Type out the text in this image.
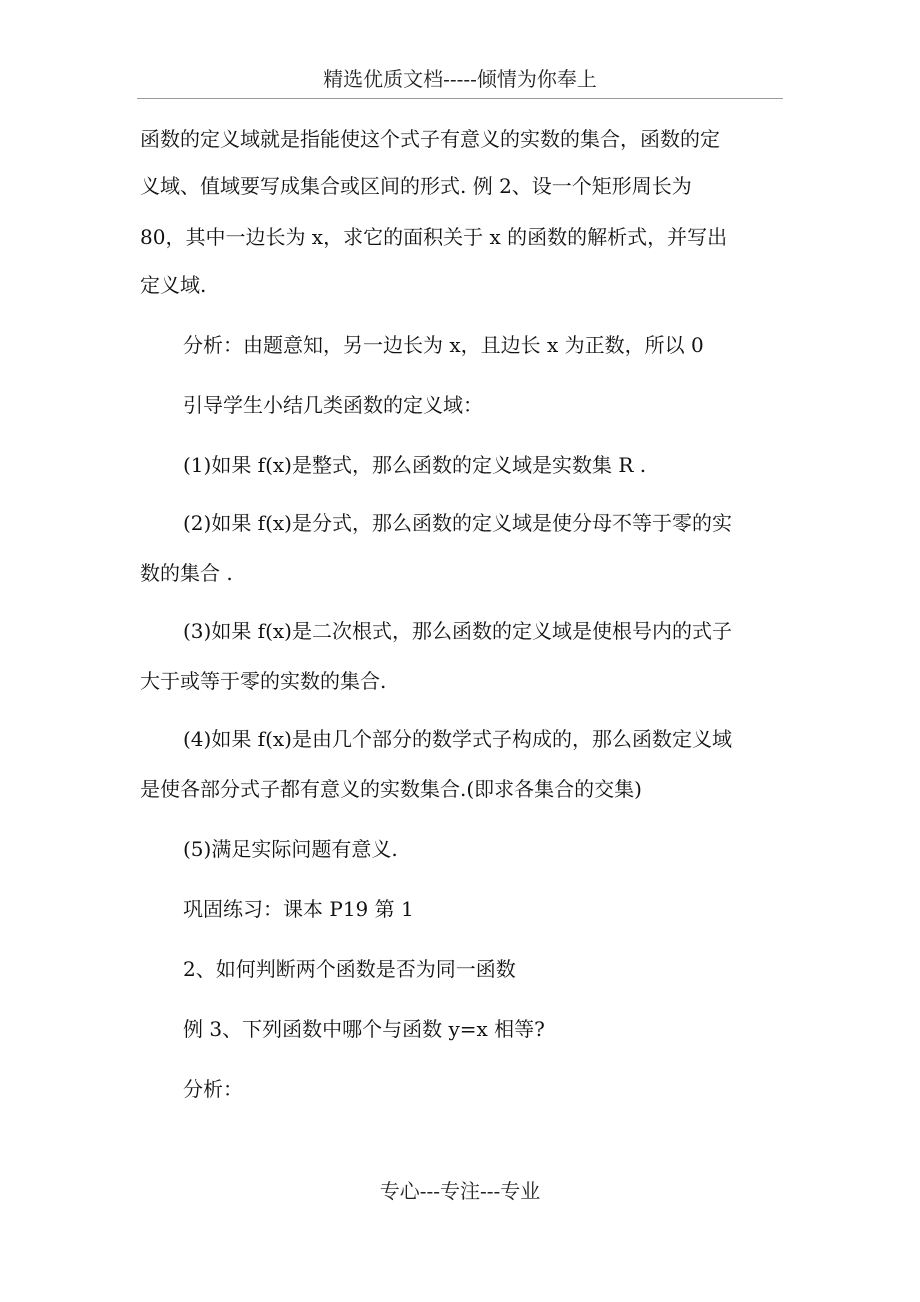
精选优质文档-----倾情为你奉上
函数的定义域就是指能使这个式子有意义的实数的集合，函数的定
义域、值域要写成集合或区间的形式. 例 2、设一个矩形周长为
80，其中一边长为 x，求它的面积关于 x 的函数的解析式，并写出
定义域.
分析：由题意知，另一边长为 x，且边长 x 为正数，所以 0
引导学生小结几类函数的定义域：
(1)如果 f(x)是整式，那么函数的定义域是实数集 R .
(2)如果 f(x)是分式，那么函数的定义域是使分母不等于零的实
数的集合 .
(3)如果 f(x)是二次根式，那么函数的定义域是使根号内的式子
大于或等于零的实数的集合.
(4)如果 f(x)是由几个部分的数学式子构成的，那么函数定义域
是使各部分式子都有意义的实数集合.(即求各集合的交集)
(5)满足实际问题有意义.
巩固练习：课本 P19 第 1
2、如何判断两个函数是否为同一函数
例 3、下列函数中哪个与函数 y=x 相等?
分析：
专心---专注---专业
